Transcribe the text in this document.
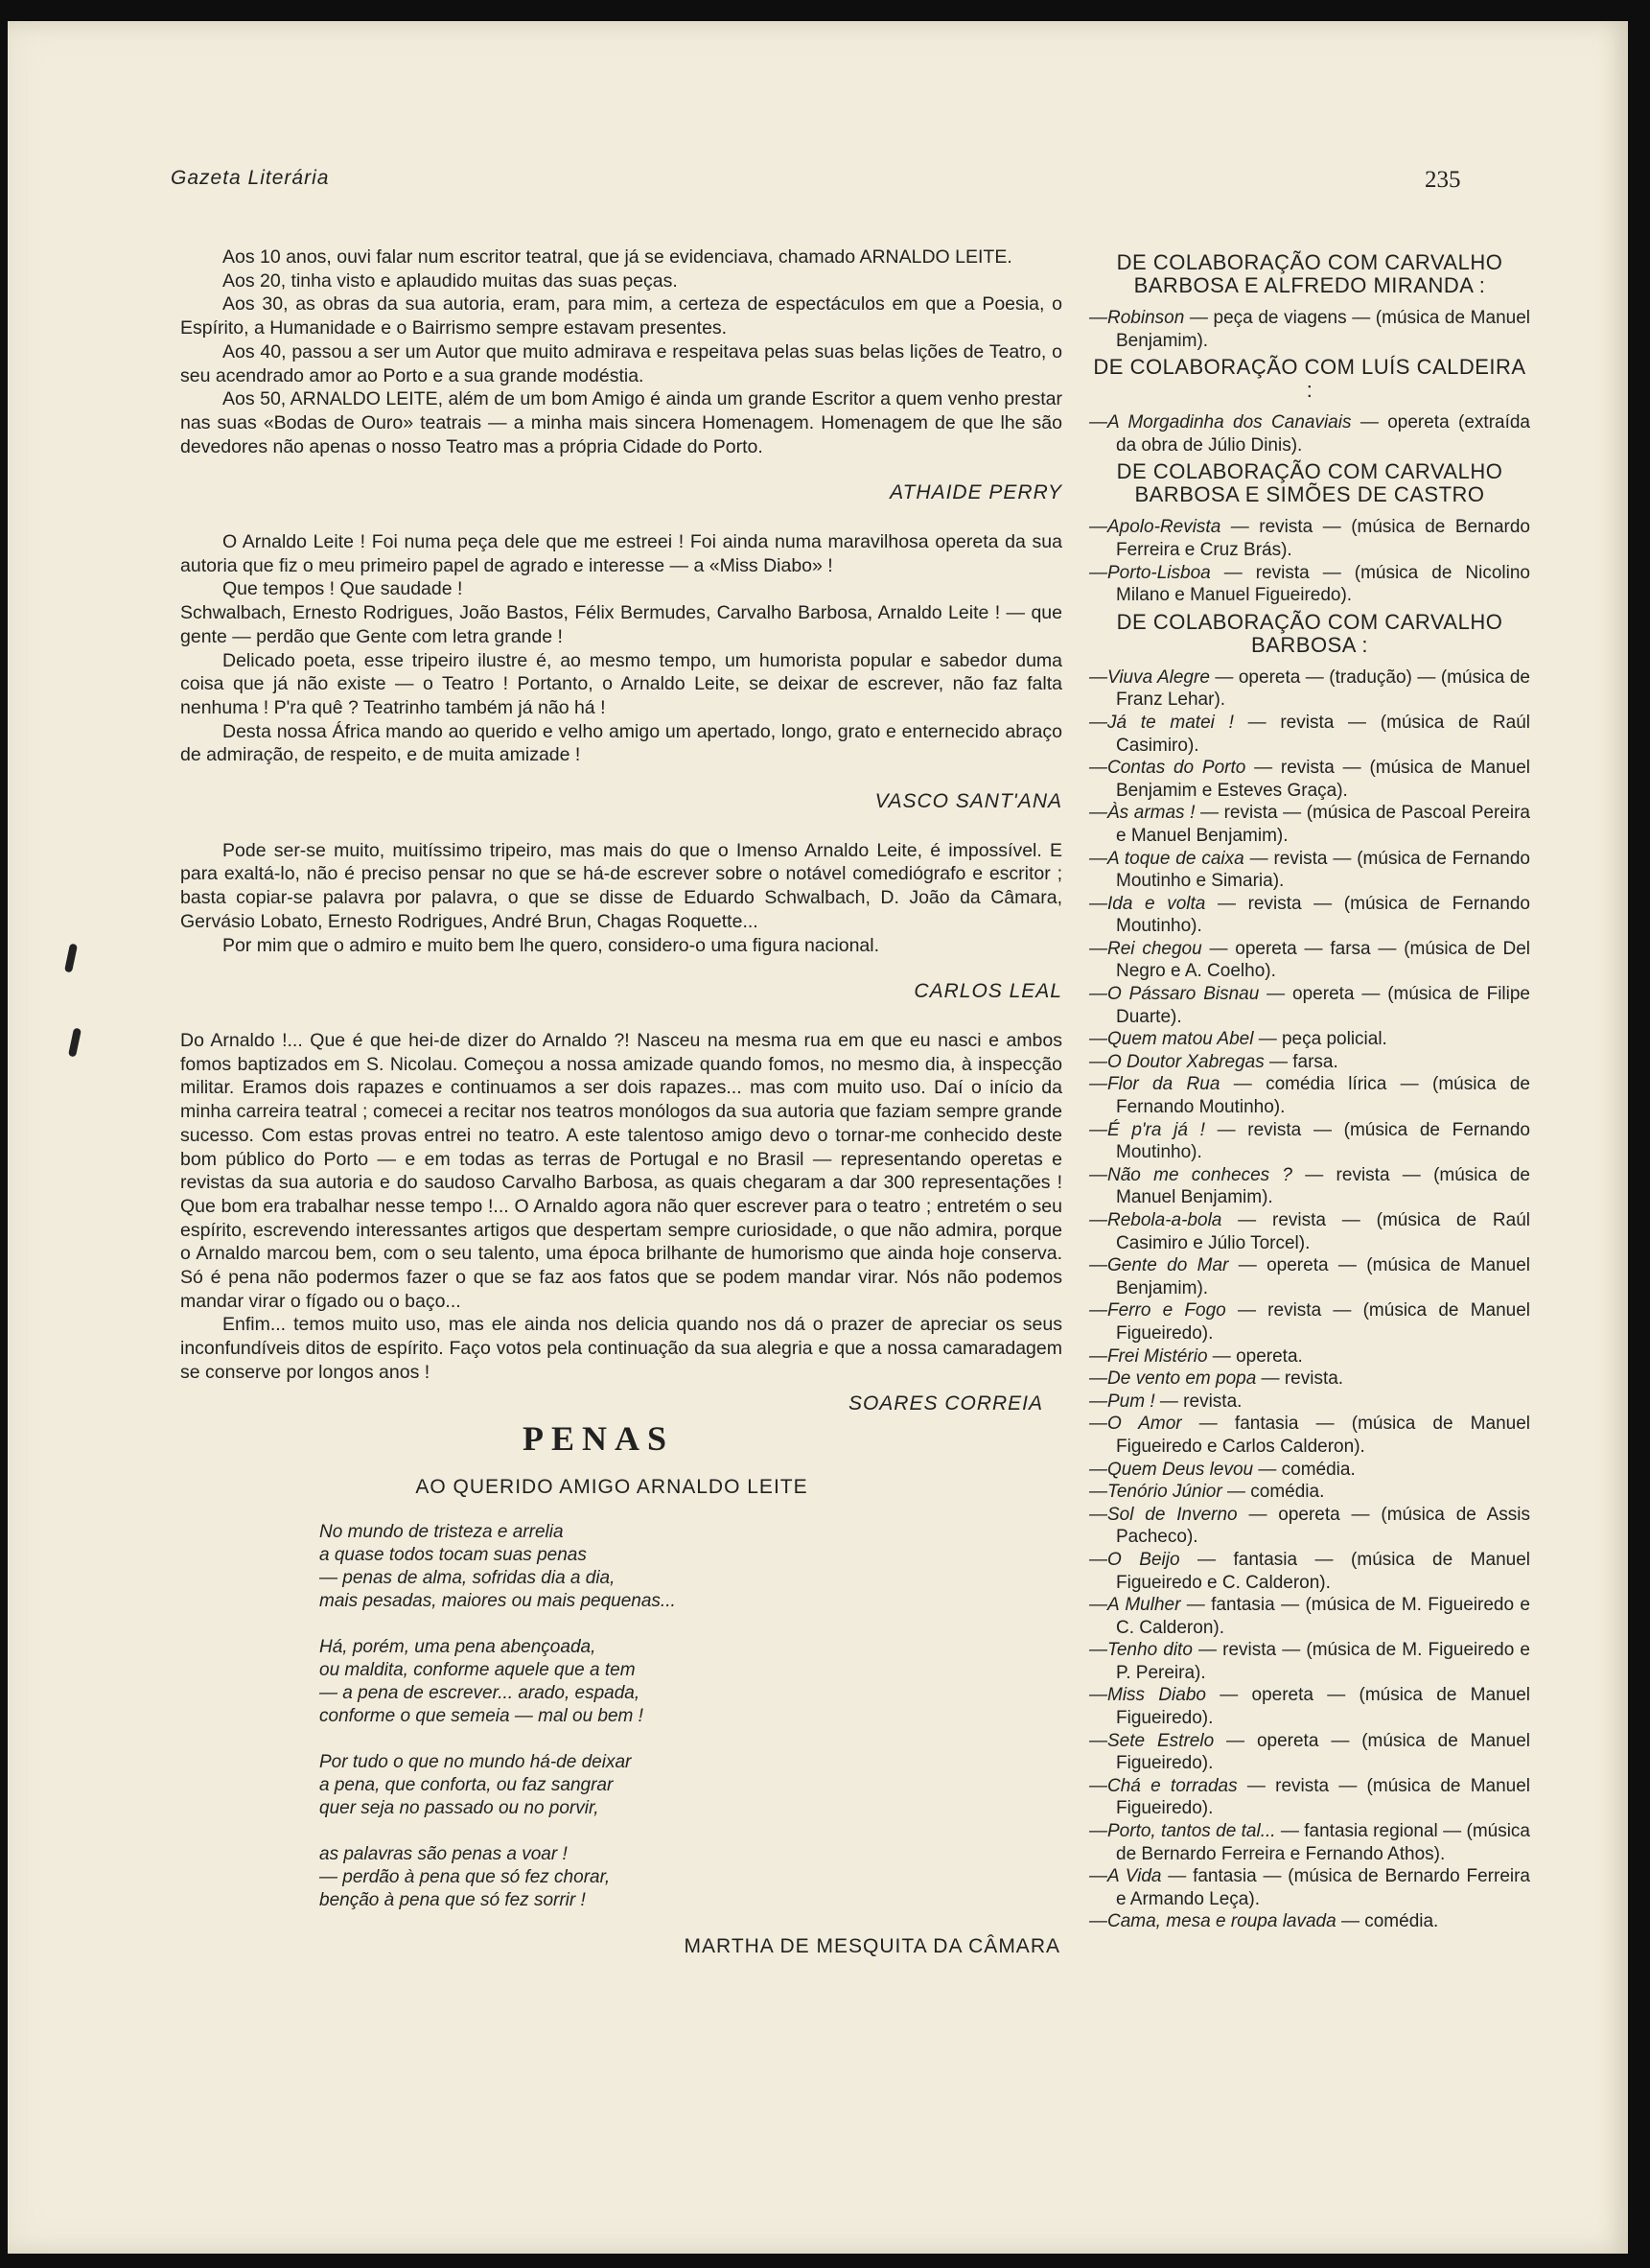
Gazeta Literária	235

Aos 10 anos, ouvi falar num escritor teatral, que já se evidenciava, chamado ARNALDO LEITE.

Aos 20, tinha visto e aplaudido muitas das suas peças.

Aos 30, as obras da sua autoria, eram, para mim, a certeza de espectáculos em que a Poesia, o Espírito, a Humanidade e o Bairrismo sempre estavam presentes.

Aos 40, passou a ser um Autor que muito admirava e respeitava pelas suas belas lições de Teatro, o seu acendrado amor ao Porto e a sua grande modéstia.

Aos 50, ARNALDO LEITE, além de um bom Amigo é ainda um grande Escritor a quem venho prestar nas suas «Bodas de Ouro» teatrais — a minha mais sincera Homenagem. Homenagem de que lhe são devedores não apenas o nosso Teatro mas a própria Cidade do Porto.

ATHAIDE PERRY

O Arnaldo Leite ! Foi numa peça dele que me estreei ! Foi ainda numa maravilhosa opereta da sua autoria que fiz o meu primeiro papel de agrado e interesse — a «Miss Diabo» !

Que tempos ! Que saudade !

Schwalbach, Ernesto Rodrigues, João Bastos, Félix Bermudes, Carvalho Barbosa, Arnaldo Leite ! — que gente — perdão que Gente com letra grande !

Delicado poeta, esse tripeiro ilustre é, ao mesmo tempo, um humorista popular e sabedor duma coisa que já não existe — o Teatro ! Portanto, o Arnaldo Leite, se deixar de escrever, não faz falta nenhuma ! P'ra quê ? Teatrinho também já não há !

Desta nossa África mando ao querido e velho amigo um apertado, longo, grato e enternecido abraço de admiração, de respeito, e de muita amizade !

VASCO SANT'ANA

Pode ser-se muito, muitíssimo tripeiro, mas mais do que o Imenso Arnaldo Leite, é impossível. E para exaltá-lo, não é preciso pensar no que se há-de escrever sobre o notável comediógrafo e escritor ; basta copiar-se palavra por palavra, o que se disse de Eduardo Schwalbach, D. João da Câmara, Gervásio Lobato, Ernesto Rodrigues, André Brun, Chagas Roquette...

Por mim que o admiro e muito bem lhe quero, considero-o uma figura nacional.

CARLOS LEAL

Do Arnaldo !... Que é que hei-de dizer do Arnaldo ?! Nasceu na mesma rua em que eu nasci e ambos fomos baptizados em S. Nicolau. Começou a nossa amizade quando fomos, no mesmo dia, à inspecção militar. Eramos dois rapazes e continuamos a ser dois rapazes... mas com muito uso. Daí o início da minha carreira teatral ; comecei a recitar nos teatros monólogos da sua autoria que faziam sempre grande sucesso. Com estas provas entrei no teatro. A este talentoso amigo devo o tornar-me conhecido deste bom público do Porto — e em todas as terras de Portugal e no Brasil — representando operetas e revistas da sua autoria e do saudoso Carvalho Barbosa, as quais chegaram a dar 300 representações ! Que bom era trabalhar nesse tempo !... O Arnaldo agora não quer escrever para o teatro ; entretém o seu espírito, escrevendo interessantes artigos que despertam sempre curiosidade, o que não admira, porque o Arnaldo marcou bem, com o seu talento, uma época brilhante de humorismo que ainda hoje conserva. Só é pena não podermos fazer o que se faz aos fatos que se podem mandar virar. Nós não podemos mandar virar o fígado ou o baço...

Enfim... temos muito uso, mas ele ainda nos delicia quando nos dá o prazer de apreciar os seus inconfundíveis ditos de espírito. Faço votos pela continuação da sua alegria e que a nossa camaradagem se conserve por longos anos !

SOARES CORREIA
PENAS
AO QUERIDO AMIGO ARNALDO LEITE
No mundo de tristeza e arrelia
a quase todos tocam suas penas
— penas de alma, sofridas dia a dia,
mais pesadas, maiores ou mais pequenas...
Há, porém, uma pena abençoada,
ou maldita, conforme aquele que a tem
— a pena de escrever... arado, espada,
conforme o que semeia — mal ou bem !
Por tudo o que no mundo há-de deixar
a pena, que conforta, ou faz sangrar
quer seja no passado ou no porvir,
as palavras são penas a voar !
— perdão à pena que só fez chorar,
benção à pena que só fez sorrir !
MARTHA DE MESQUITA DA CÂMARA
DE COLABORAÇÃO COM CARVALHO BARBOSA E ALFREDO MIRANDA :

—Robinson — peça de viagens — (música de Manuel Benjamim).

DE COLABORAÇÃO COM LUÍS CALDEIRA :

—A Morgadinha dos Canaviais — opereta (extraída da obra de Júlio Dinis).

DE COLABORAÇÃO COM CARVALHO BARBOSA E SIMÕES DE CASTRO

—Apolo-Revista — revista — (música de Bernardo Ferreira e Cruz Brás).

—Porto-Lisboa — revista — (música de Nicolino Milano e Manuel Figueiredo).

DE COLABORAÇÃO COM CARVALHO BARBOSA :

—Viuva Alegre — opereta — (tradução) — (música de Franz Lehar).

—Já te matei ! — revista — (música de Raúl Casimiro).

—Contas do Porto — revista — (música de Manuel Benjamim e Esteves Graça).

—Às armas ! — revista — (música de Pascoal Pereira e Manuel Benjamim).

—A toque de caixa — revista — (música de Fernando Moutinho e Simaria).

—Ida e volta — revista — (música de Fernando Moutinho).

—Rei chegou — opereta — farsa — (música de Del Negro e A. Coelho).

—O Pássaro Bisnau — opereta — (música de Filipe Duarte).

—Quem matou Abel — peça policial.

—O Doutor Xabregas — farsa.

—Flor da Rua — comédia lírica — (música de Fernando Moutinho).

—É p'ra já ! — revista — (música de Fernando Moutinho).

—Não me conheces ? — revista — (música de Manuel Benjamim).

—Rebola-a-bola — revista — (música de Raúl Casimiro e Júlio Torcel).

—Gente do Mar — opereta — (música de Manuel Benjamim).

—Ferro e Fogo — revista — (música de Manuel Figueiredo).

—Frei Mistério — opereta.

—De vento em popa — revista.

—Pum ! — revista.

—O Amor — fantasia — (música de Manuel Figueiredo e Carlos Calderon).

—Quem Deus levou — comédia.

—Tenório Júnior — comédia.

—Sol de Inverno — opereta — (música de Assis Pacheco).

—O Beijo — fantasia — (música de Manuel Figueiredo e C. Calderon).

—A Mulher — fantasia — (música de M. Figueiredo e C. Calderon).

—Tenho dito — revista — (música de M. Figueiredo e P. Pereira).

—Miss Diabo — opereta — (música de Manuel Figueiredo).

—Sete Estrelo — opereta — (música de Manuel Figueiredo).

—Chá e torradas — revista — (música de Manuel Figueiredo).

—Porto, tantos de tal... — fantasia regional — (música de Bernardo Ferreira e Fernando Athos).

—A Vida — fantasia — (música de Bernardo Ferreira e Armando Leça).

—Cama, mesa e roupa lavada — comédia.
